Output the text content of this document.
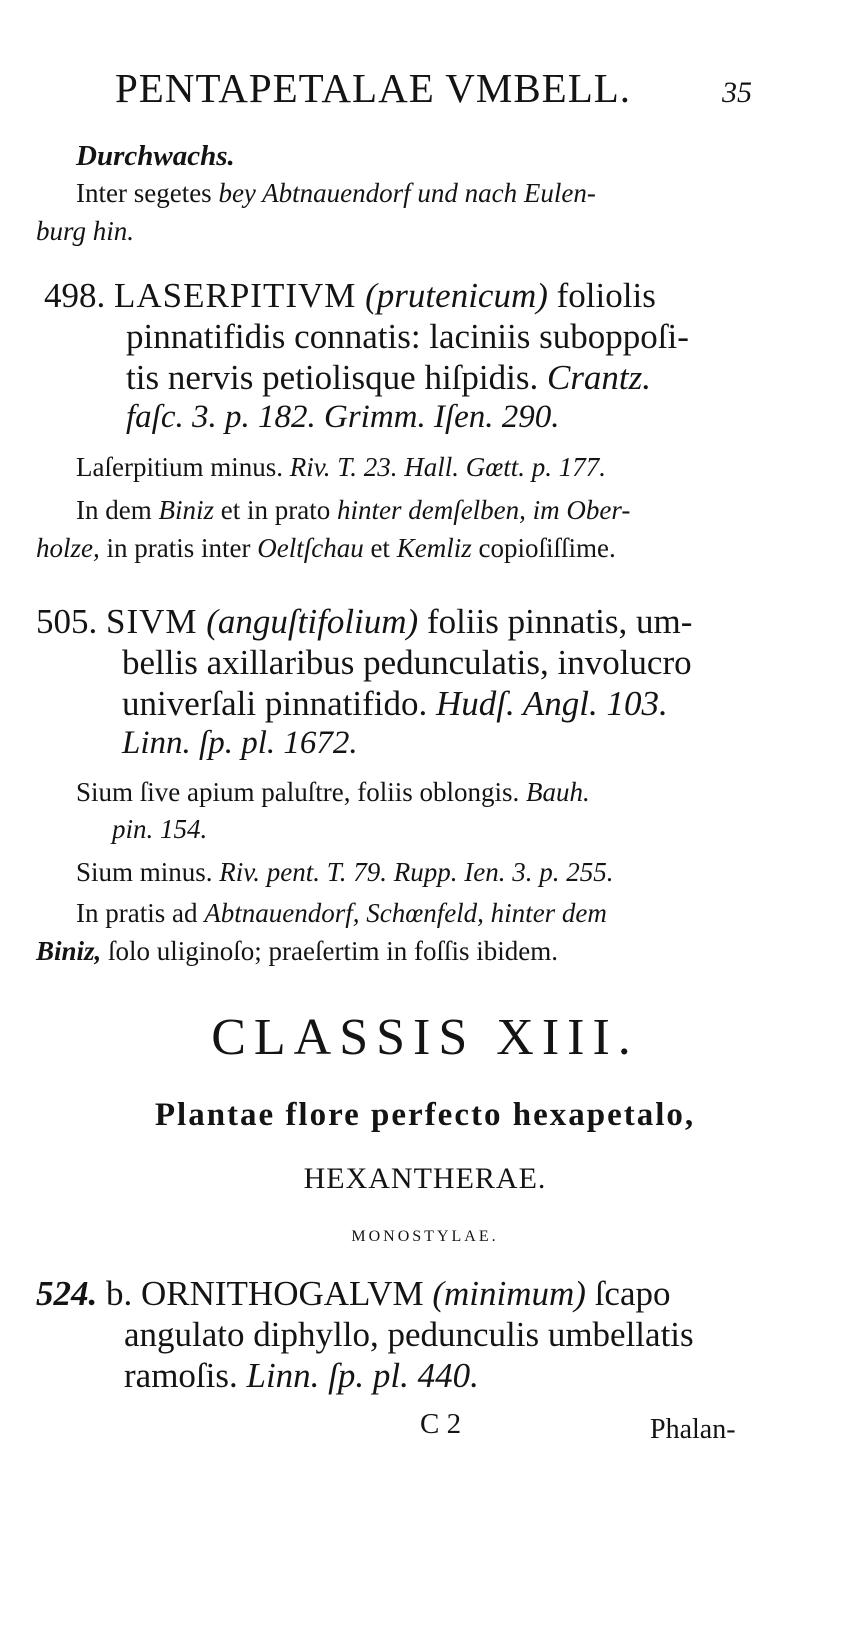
PENTAPETALAE VMBELL.	35
Durchwachs.
Inter segetes bey Abtnauendorf und nach Eulen-
burg hin.
498. LASERPITIVM (prutenicum) foliolis
pinnatifidis connatis: laciniis suboppoſi-
tis nervis petiolisque hiſpidis. Crantz.
faſc. 3. p. 182. Grimm. Iſen. 290.
Laſerpitium minus. Riv. T. 23. Hall. Gœtt. p. 177.
In dem Biniz et in prato hinter demſelben, im Ober-
holze, in pratis inter Oeltſchau et Kemliz copioſiſſime.
505. SIVM (anguſtifolium) foliis pinnatis, um-
bellis axillaribus pedunculatis, involucro
univerſali pinnatifido. Hudſ. Angl. 103.
Linn. ſp. pl. 1672.
Sium ſive apium paluſtre, foliis oblongis. Bauh.
pin. 154.
Sium minus. Riv. pent. T. 79. Rupp. Ien. 3. p. 255.
In pratis ad Abtnauendorf, Schœnfeld, hinter dem
Biniz, ſolo uliginoſo; praeſertim in foſſis ibidem.
CLASSIS XIII.
Plantae flore perfecto hexapetalo,
HEXANTHERAE.
MONOSTYLAE.
524. b. ORNITHOGALVM (minimum) ſcapo
angulato diphyllo, pedunculis umbellatis
ramoſis. Linn. ſp. pl. 440.
C 2	Phalan-
